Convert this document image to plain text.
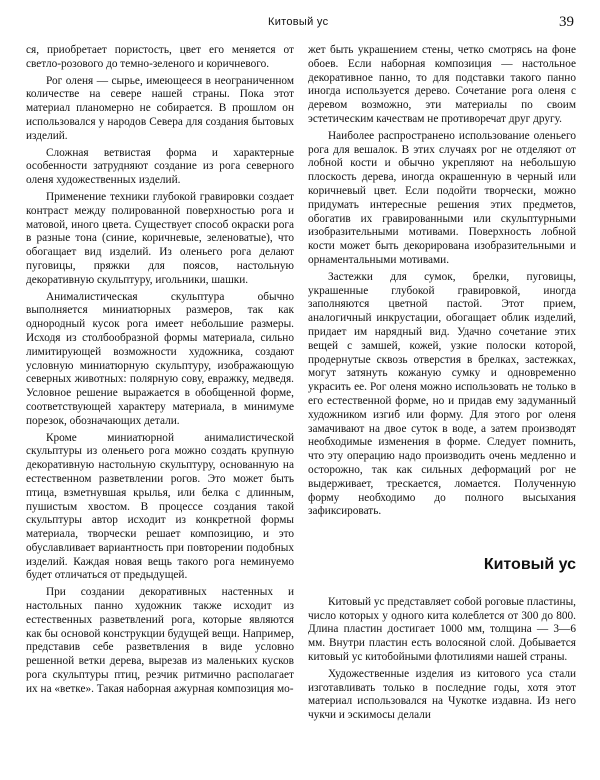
Китовый ус	39

ся, приобретает пористость, цвет его меняется от светло-розового до темно-зеленого и коричневого.

Рог оленя — сырье, имеющееся в неограниченном количестве на севере нашей страны. Пока этот материал планомерно не собирается. В прошлом он использовался у народов Севера для создания бытовых изделий.

Сложная ветвистая форма и характерные особенности затрудняют создание из рога северного оленя художественных изделий.

Применение техники глубокой гравировки создает контраст между полированной поверхностью рога и матовой, иного цвета. Существует способ окраски рога в разные тона (синие, коричневые, зеленоватые), что обогащает вид изделий. Из оленьего рога делают пуговицы, пряжки для поясов, настольную декоративную скульптуру, игольники, шашки.

Анималистическая скульптура обычно выполняется миниатюрных размеров, так как однородный кусок рога имеет небольшие размеры. Исходя из столбообразной формы материала, сильно лимитирующей возможности художника, создают условную миниатюрную скульптуру, изображающую северных животных: полярную сову, евражку, медведя. Условное решение выражается в обобщенной форме, соответствующей характеру материала, в минимуме порезок, обозначающих детали.

Кроме миниатюрной анималистической скульптуры из оленьего рога можно создать крупную декоративную настольную скульптуру, основанную на естественном разветвлении рогов. Это может быть птица, взметнувшая крылья, или белка с длинным, пушистым хвостом. В процессе создания такой скульптуры автор исходит из конкретной формы материала, творчески решает композицию, и это обуславливает вариантность при повторении подобных изделий. Каждая новая вещь такого рога неминуемо будет отличаться от предыдущей.

При создании декоративных настенных и настольных панно художник также исходит из естественных разветвлений рога, которые являются как бы основой конструкции будущей вещи. Например, представив себе разветвления в виде условно решенной ветки дерева, вырезав из маленьких кусков рога скульптуры птиц, резчик ритмично располагает их на «ветке». Такая наборная ажурная композиция мо-

жет быть украшением стены, четко смотрясь на фоне обоев. Если наборная композиция — настольное декоративное панно, то для подставки такого панно иногда используется дерево. Сочетание рога оленя с деревом возможно, эти материалы по своим эстетическим качествам не противоречат друг другу.

Наиболее распространено использование оленьего рога для вешалок. В этих случаях рог не отделяют от лобной кости и обычно укрепляют на небольшую плоскость дерева, иногда окрашенную в черный или коричневый цвет. Если подойти творчески, можно придумать интересные решения этих предметов, обогатив их гравированными или скульптурными изобразительными мотивами. Поверхность лобной кости может быть декорирована изобразительными и орнаментальными мотивами.

Застежки для сумок, брелки, пуговицы, украшенные глубокой гравировкой, иногда заполняются цветной пастой. Этот прием, аналогичный инкрустации, обогащает облик изделий, придает им нарядный вид. Удачно сочетание этих вещей с замшей, кожей, узкие полоски которой, продернутые сквозь отверстия в брелках, застежках, могут затянуть кожаную сумку и одновременно украсить ее. Рог оленя можно использовать не только в его естественной форме, но и придав ему задуманный художником изгиб или форму. Для этого рог оленя замачивают на двое суток в воде, а затем производят необходимые изменения в форме. Следует помнить, что эту операцию надо производить очень медленно и осторожно, так как сильных деформаций рог не выдерживает, трескается, ломается. Полученную форму необходимо до полного высыхания зафиксировать.

Китовый ус

Китовый ус представляет собой роговые пластины, число которых у одного кита колеблется от 300 до 800. Длина пластин достигает 1000 мм, толщина — 3—6 мм. Внутри пластин есть волосяной слой. Добывается китовый ус китобойными флотилиями нашей страны.

Художественные изделия из китового уса стали изготавливать только в последние годы, хотя этот материал использовался на Чукотке издавна. Из него чукчи и эскимосы делали
